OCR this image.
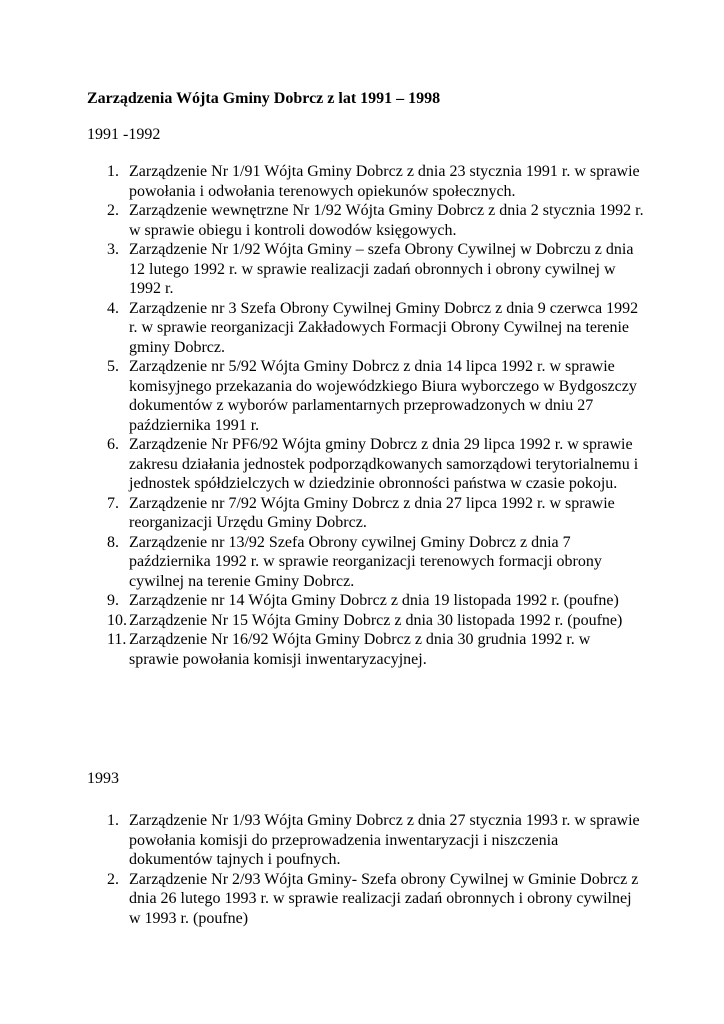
Zarządzenia Wójta Gminy Dobrcz z lat 1991 – 1998

1991 -1992

1. Zarządzenie Nr 1/91 Wójta Gminy Dobrcz z dnia 23 stycznia 1991 r. w sprawie powołania i odwołania terenowych opiekunów społecznych.
2. Zarządzenie wewnętrzne Nr 1/92 Wójta Gminy Dobrcz z dnia 2 stycznia 1992 r. w sprawie obiegu i kontroli dowodów księgowych.
3. Zarządzenie Nr 1/92 Wójta Gminy – szefa Obrony Cywilnej w Dobrczu z dnia 12 lutego 1992 r. w sprawie realizacji zadań obronnych i obrony cywilnej w 1992 r.
4. Zarządzenie nr 3 Szefa Obrony Cywilnej Gminy Dobrcz z dnia 9 czerwca 1992 r. w sprawie reorganizacji Zakładowych Formacji Obrony Cywilnej na terenie gminy Dobrcz.
5. Zarządzenie nr 5/92 Wójta Gminy Dobrcz z dnia 14 lipca 1992 r. w sprawie komisyjnego przekazania do wojewódzkiego Biura wyborczego w Bydgoszczy dokumentów z wyborów parlamentarnych przeprowadzonych w dniu 27 października 1991 r.
6. Zarządzenie Nr PF6/92 Wójta gminy Dobrcz z dnia 29 lipca 1992 r. w sprawie zakresu działania jednostek podporządkowanych samorządowi terytorialnemu i jednostek spółdzielczych w dziedzinie obronności państwa w czasie pokoju.
7. Zarządzenie nr 7/92 Wójta Gminy Dobrcz z dnia 27 lipca 1992 r. w sprawie reorganizacji Urzędu Gminy Dobrcz.
8. Zarządzenie nr 13/92 Szefa Obrony cywilnej Gminy Dobrcz z dnia 7 października 1992 r. w sprawie reorganizacji terenowych formacji obrony cywilnej na terenie Gminy Dobrcz.
9. Zarządzenie nr 14 Wójta Gminy Dobrcz z dnia 19 listopada 1992 r. (poufne)
10. Zarządzenie Nr 15 Wójta Gminy Dobrcz z dnia 30 listopada 1992 r. (poufne)
11. Zarządzenie Nr 16/92 Wójta Gminy Dobrcz z dnia 30 grudnia 1992 r. w sprawie powołania komisji inwentaryzacyjnej.

1993

1. Zarządzenie Nr 1/93 Wójta Gminy Dobrcz z dnia 27 stycznia 1993 r. w sprawie powołania komisji do przeprowadzenia inwentaryzacji i niszczenia dokumentów tajnych i poufnych.
2. Zarządzenie Nr 2/93 Wójta Gminy- Szefa obrony Cywilnej w Gminie Dobrcz z dnia 26 lutego 1993 r. w sprawie realizacji zadań obronnych i obrony cywilnej w 1993 r. (poufne)
